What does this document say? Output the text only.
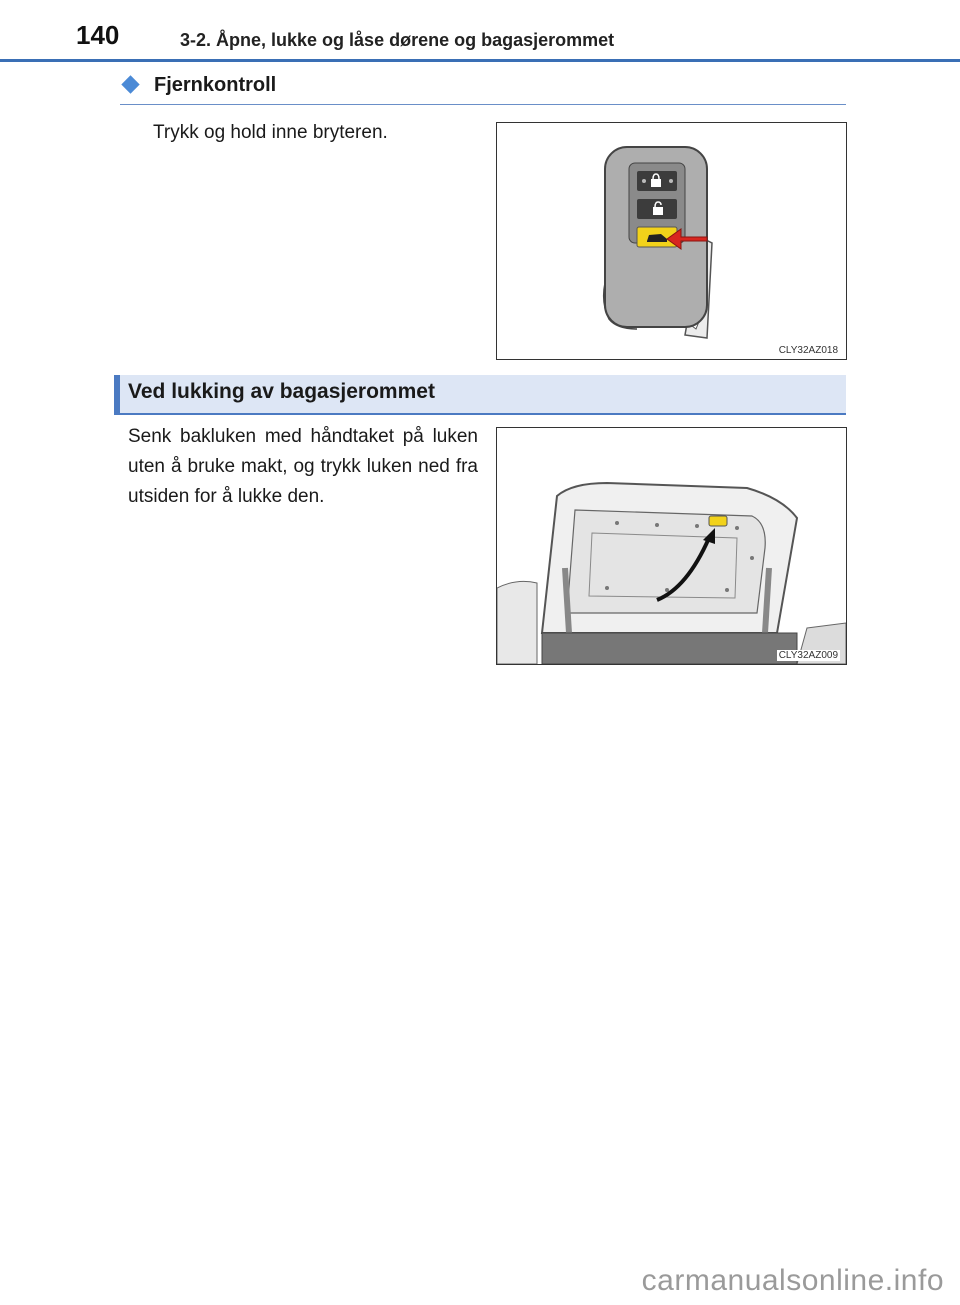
140	3-2. Åpne, lukke og låse dørene og bagasjerommet
Fjernkontroll
Trykk og hold inne bryteren.
CLY32AZ018
Ved lukking av bagasjerommet
Senk bakluken med håndtaket på luken uten å bruke makt, og trykk luken ned fra utsiden for å lukke den.
CLY32AZ009
carmanualsonline.info
